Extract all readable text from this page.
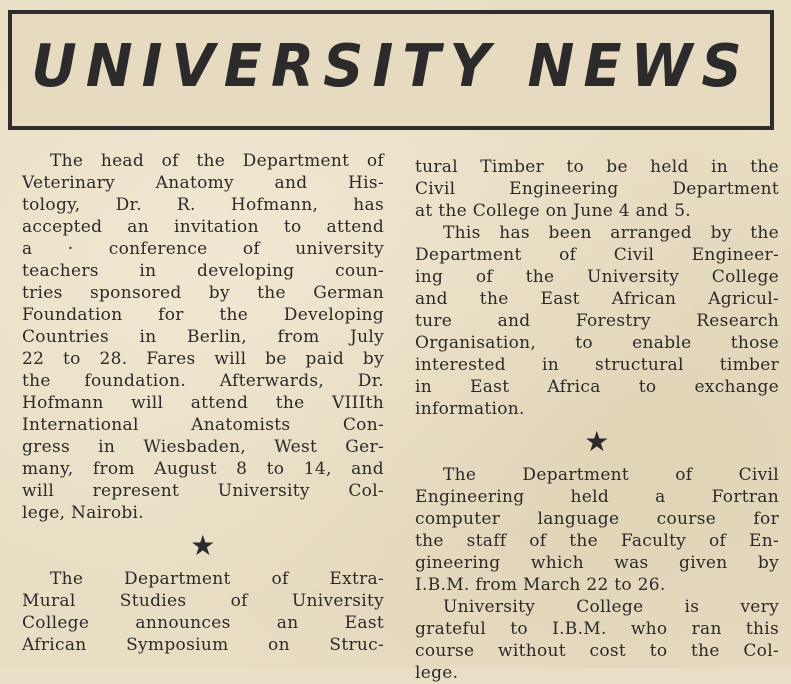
UNIVERSITY NEWS
The head of the Department of
Veterinary Anatomy and His-
tology, Dr. R. Hofmann, has
accepted an invitation to attend
a · conference of university
teachers in developing coun-
tries sponsored by the German
Foundation for the Developing
Countries in Berlin, from July
22 to 28. Fares will be paid by
the foundation. Afterwards, Dr.
Hofmann will attend the VIIIth
International Anatomists Con-
gress in Wiesbaden, West Ger-
many, from August 8 to 14, and
will represent University Col-
lege, Nairobi.
★
The Department of Extra-
Mural Studies of University
College announces an East
African Symposium on Struc-
tural Timber to be held in the
Civil Engineering Department
at the College on June 4 and 5.
This has been arranged by the
Department of Civil Engineer-
ing of the University College
and the East African Agricul-
ture and Forestry Research
Organisation, to enable those
interested in structural timber
in East Africa to exchange
information.
★
The Department of Civil
Engineering held a Fortran
computer language course for
the staff of the Faculty of En-
gineering which was given by
I.B.M. from March 22 to 26.
University College is very
grateful to I.B.M. who ran this
course without cost to the Col-
lege.
